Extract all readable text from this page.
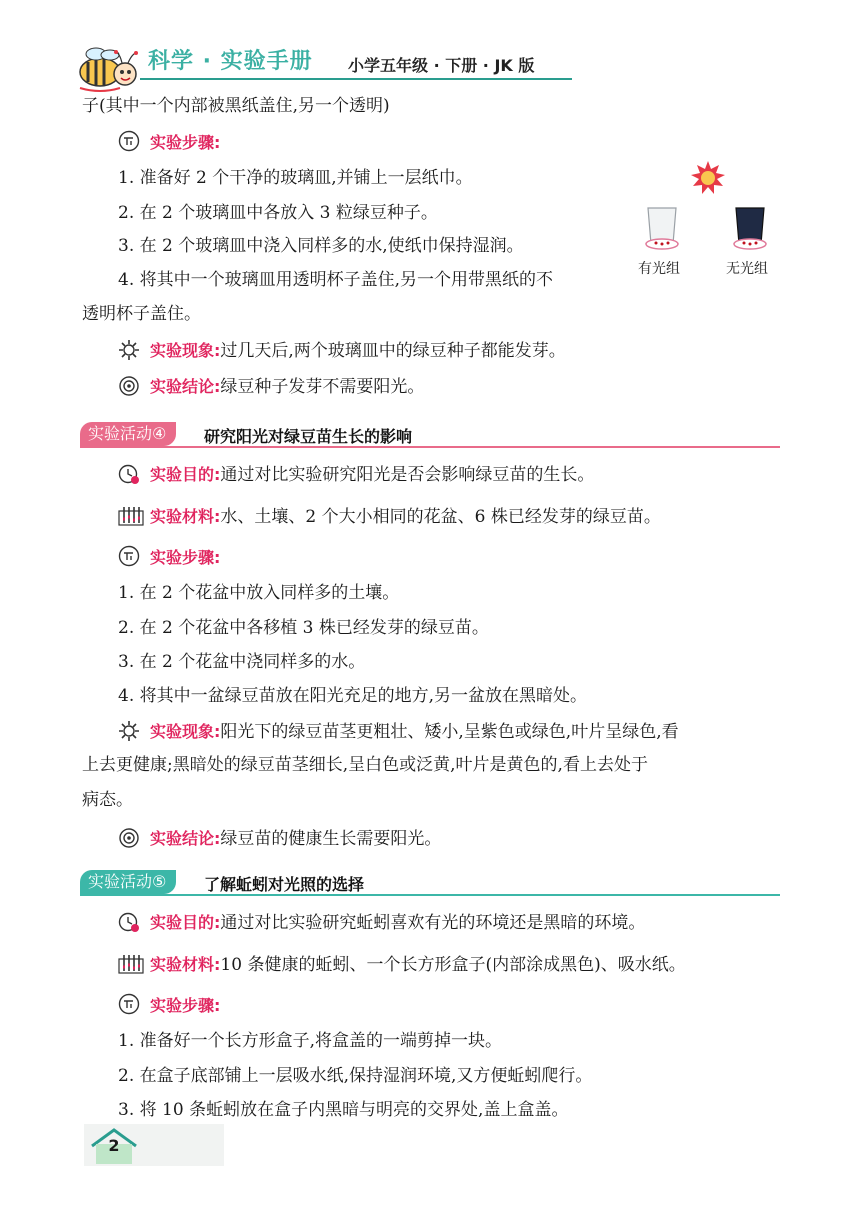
科学 · 实验手册 小学五年级 · 下册 · JK 版
子(其中一个内部被黑纸盖住,另一个透明)
实验步骤:
1. 准备好 2 个干净的玻璃皿,并铺上一层纸巾。
2. 在 2 个玻璃皿中各放入 3 粒绿豆种子。
3. 在 2 个玻璃皿中浇入同样多的水,使纸巾保持湿润。
4. 将其中一个玻璃皿用透明杯子盖住,另一个用带黑纸的不
透明杯子盖住。
有光组	无光组
实验现象:过几天后,两个玻璃皿中的绿豆种子都能发芽。
实验结论:绿豆种子发芽不需要阳光。
实验活动④	研究阳光对绿豆苗生长的影响
实验目的:通过对比实验研究阳光是否会影响绿豆苗的生长。
实验材料:水、土壤、2 个大小相同的花盆、6 株已经发芽的绿豆苗。
实验步骤:
1. 在 2 个花盆中放入同样多的土壤。
2. 在 2 个花盆中各移植 3 株已经发芽的绿豆苗。
3. 在 2 个花盆中浇同样多的水。
4. 将其中一盆绿豆苗放在阳光充足的地方,另一盆放在黑暗处。
实验现象:阳光下的绿豆苗茎更粗壮、矮小,呈紫色或绿色,叶片呈绿色,看
上去更健康;黑暗处的绿豆苗茎细长,呈白色或泛黄,叶片是黄色的,看上去处于
病态。
实验结论:绿豆苗的健康生长需要阳光。
实验活动⑤	了解蚯蚓对光照的选择
实验目的:通过对比实验研究蚯蚓喜欢有光的环境还是黑暗的环境。
实验材料:10 条健康的蚯蚓、一个长方形盒子(内部涂成黑色)、吸水纸。
实验步骤:
1. 准备好一个长方形盒子,将盒盖的一端剪掉一块。
2. 在盒子底部铺上一层吸水纸,保持湿润环境,又方便蚯蚓爬行。
3. 将 10 条蚯蚓放在盒子内黑暗与明亮的交界处,盖上盒盖。
2
